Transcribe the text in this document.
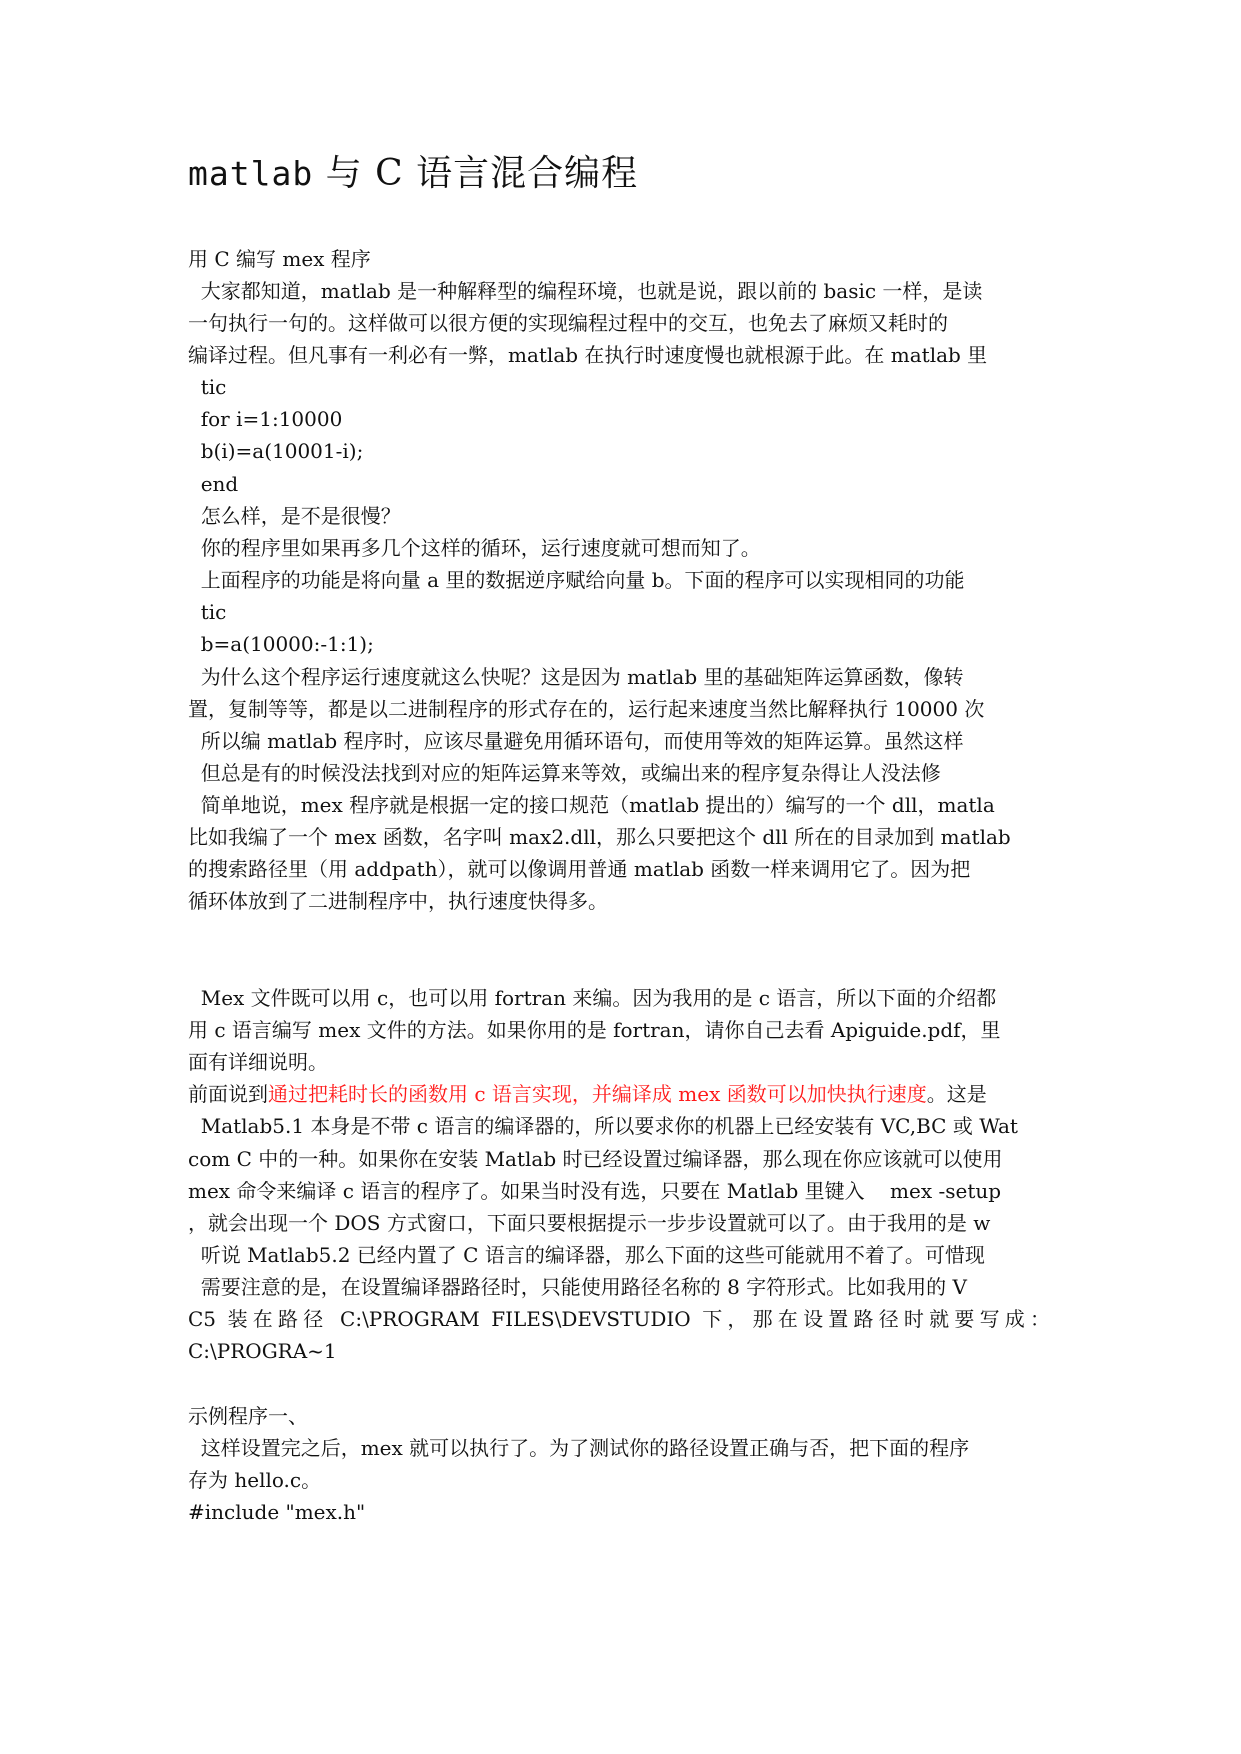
matlab 与 C 语言混合编程
用 C 编写 mex 程序
大家都知道，matlab 是一种解释型的编程环境，也就是说，跟以前的 basic 一样，是读
一句执行一句的。这样做可以很方便的实现编程过程中的交互，也免去了麻烦又耗时的
编译过程。但凡事有一利必有一弊，matlab 在执行时速度慢也就根源于此。在 matlab 里
tic
for i=1:10000
b(i)=a(10001-i);
end
怎么样，是不是很慢？
你的程序里如果再多几个这样的循环，运行速度就可想而知了。
上面程序的功能是将向量 a 里的数据逆序赋给向量 b。下面的程序可以实现相同的功能
tic
b=a(10000:-1:1);
为什么这个程序运行速度就这么快呢？这是因为 matlab 里的基础矩阵运算函数，像转
置，复制等等，都是以二进制程序的形式存在的，运行起来速度当然比解释执行 10000 次
所以编 matlab 程序时，应该尽量避免用循环语句，而使用等效的矩阵运算。虽然这样
但总是有的时候没法找到对应的矩阵运算来等效，或编出来的程序复杂得让人没法修
简单地说，mex 程序就是根据一定的接口规范（matlab 提出的）编写的一个 dll，matla
比如我编了一个 mex 函数，名字叫 max2.dll，那么只要把这个 dll 所在的目录加到 matlab
的搜索路径里（用 addpath），就可以像调用普通 matlab 函数一样来调用它了。因为把
循环体放到了二进制程序中，执行速度快得多。
Mex 文件既可以用 c，也可以用 fortran 来编。因为我用的是 c 语言，所以下面的介绍都
用 c 语言编写 mex 文件的方法。如果你用的是 fortran，请你自己去看 Apiguide.pdf，里
面有详细说明。
前面说到通过把耗时长的函数用 c 语言实现，并编译成 mex 函数可以加快执行速度。这是
Matlab5.1 本身是不带 c 语言的编译器的，所以要求你的机器上已经安装有 VC,BC 或 Wat
com C 中的一种。如果你在安装 Matlab 时已经设置过编译器，那么现在你应该就可以使用
mex 命令来编译 c 语言的程序了。如果当时没有选，只要在 Matlab 里键入    mex -setup
，就会出现一个 DOS 方式窗口，下面只要根据提示一步步设置就可以了。由于我用的是 w
听说 Matlab5.2 已经内置了 C 语言的编译器，那么下面的这些可能就用不着了。可惜现
需要注意的是，在设置编译器路径时，只能使用路径名称的 8 字符形式。比如我用的 V
C5 装在路径 C:\PROGRAM FILES\DEVSTUDIO 下，那在设置路径时就要写成：
C:\PROGRA~1
示例程序一、
这样设置完之后，mex 就可以执行了。为了测试你的路径设置正确与否，把下面的程序
存为 hello.c。
#include "mex.h"
